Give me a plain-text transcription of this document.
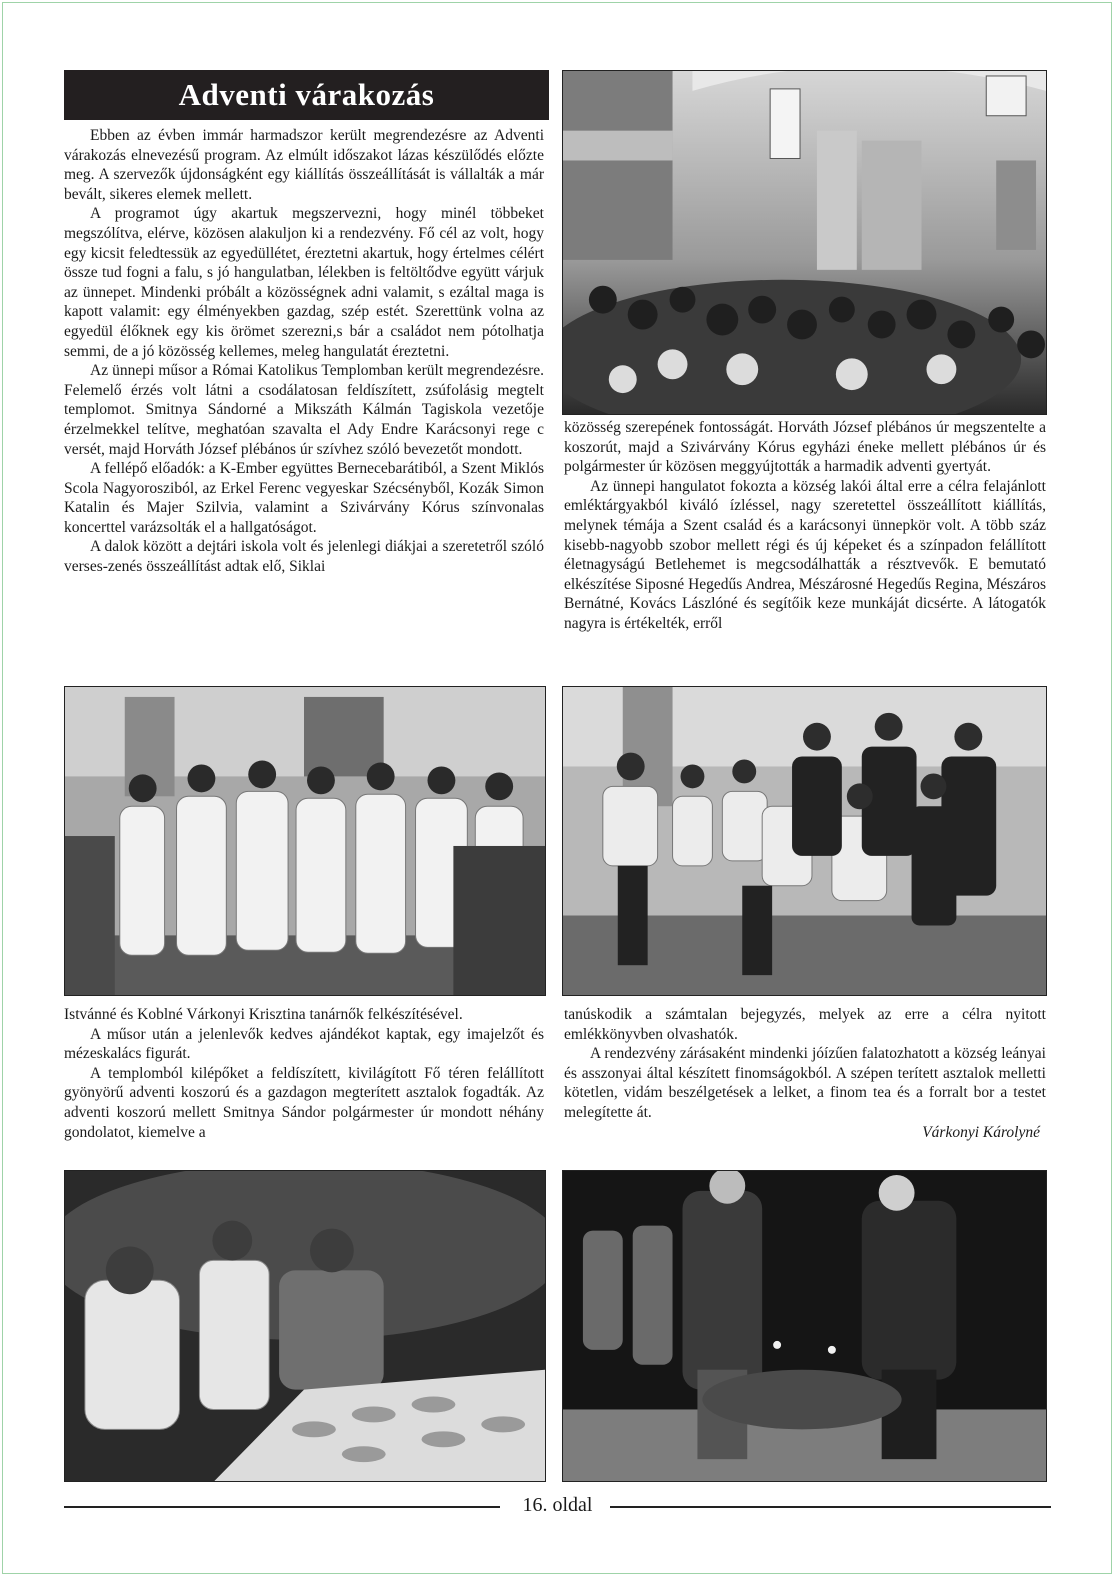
Adventi várakozás

Ebben az évben immár harmadszor került megrendezésre az Adventi várakozás elnevezésű program. Az elmúlt időszakot lázas készülődés előzte meg. A szervezők újdonságként egy kiállítás összeállítását is vállalták a már bevált, sikeres elemek mellett.

A programot úgy akartuk megszervezni, hogy minél többeket megszólítva, elérve, közösen alakuljon ki a rendezvény. Fő cél az volt, hogy egy kicsit feledtessük az egyedüllétet, éreztetni akartuk, hogy értelmes célért össze tud fogni a falu, s jó hangulatban, lélekben is feltöltődve együtt várjuk az ünnepet. Mindenki próbált a közösségnek adni valamit, s ezáltal maga is kapott valamit: egy élményekben gazdag, szép estét. Szerettünk volna az egyedül élőknek egy kis örömet szerezni,s bár a családot nem pótolhatja semmi, de a jó közösség kellemes, meleg hangulatát éreztetni.

Az ünnepi műsor a Római Katolikus Templomban került megrendezésre. Felemelő érzés volt látni a csodálatosan feldíszített, zsúfolásig megtelt templomot. Smitnya Sándorné a Mikszáth Kálmán Tagiskola vezetője érzelmekkel telítve, meghatóan szavalta el Ady Endre Karácsonyi rege c versét, majd Horváth József plébános úr szívhez szóló bevezetőt mondott.

A fellépő előadók: a K-Ember együttes Bernecebarátiból, a Szent Miklós Scola Nagyorosziból, az Erkel Ferenc vegyeskar Szécsényből, Kozák Simon Katalin és Majer Szilvia, valamint a Szivárvány Kórus színvonalas koncerttel varázsolták el a hallgatóságot.

A dalok között a dejtári iskola volt és jelenlegi diákjai a szeretetről szóló verses-zenés összeállítást adtak elő, Siklai

közösség szerepének fontosságát. Horváth József plébános úr megszentelte a koszorút, majd a Szivárvány Kórus egyházi éneke mellett plébános úr és polgármester úr közösen meggyújtották a harmadik adventi gyertyát.

Az ünnepi hangulatot fokozta a község lakói által erre a célra felajánlott emléktárgyakból kiváló ízléssel, nagy szeretettel összeállított kiállítás, melynek témája a Szent család és a karácsonyi ünnepkör volt. A több száz kisebb-nagyobb szobor mellett régi és új képeket és a színpadon felállított életnagyságú Betlehemet is megcsodálhatták a résztvevők. E bemutató elkészítése Siposné Hegedűs Andrea, Mészárosné Hegedűs Regina, Mészáros Bernátné, Kovács Lászlóné és segítőik keze munkáját dicsérte. A látogatók nagyra is értékelték, erről

Istvánné és Koblné Várkonyi Krisztina tanárnők felkészítésével.

A műsor után a jelenlevők kedves ajándékot kaptak, egy imajelzőt és mézeskalács figurát.

A templomból kilépőket a feldíszített, kivilágított Fő téren felállított gyönyörű adventi koszorú és a gazdagon megterített asztalok fogadták. Az adventi koszorú mellett Smitnya Sándor polgármester úr mondott néhány gondolatot, kiemelve a

tanúskodik a számtalan bejegyzés, melyek az erre a célra nyitott emlékkönyvben olvashatók.

A rendezvény zárásaként mindenki jóízűen falatozhatott a község leányai és asszonyai által készített finomságokból. A szépen terített asztalok melletti kötetlen, vidám beszélgetések a lelket, a finom tea és a forralt bor a testet melegítette át.

Várkonyi Károlyné

16. oldal
